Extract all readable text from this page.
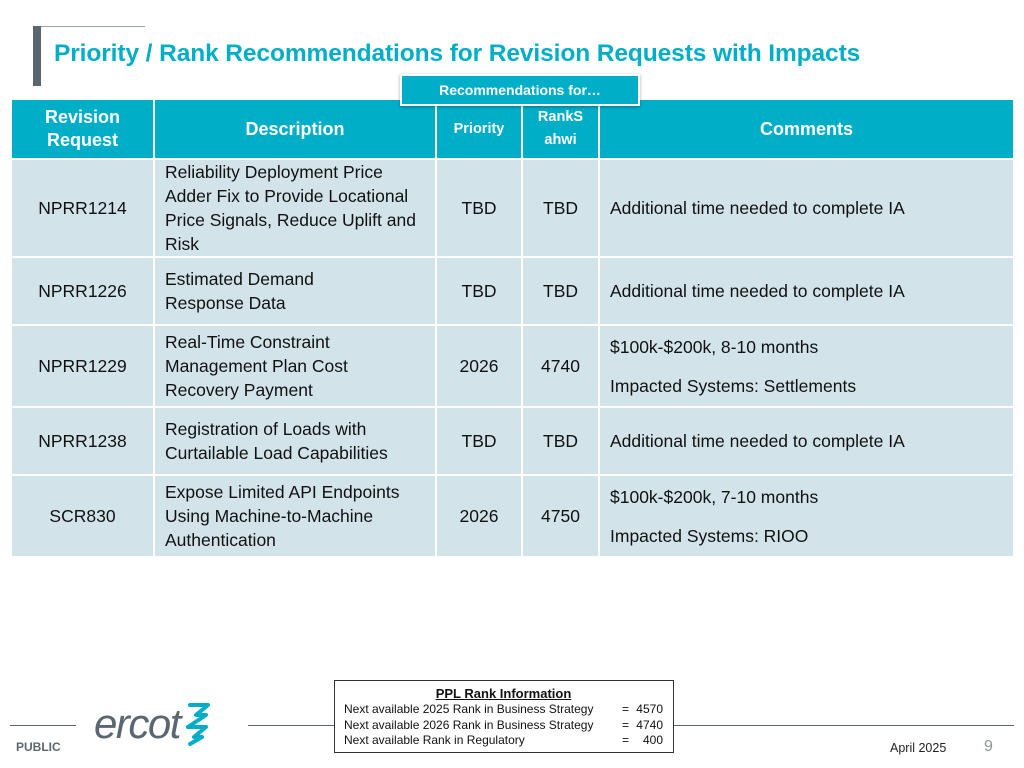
Priority / Rank Recommendations for Revision Requests with Impacts
Recommendations for…
Revision Request	Description	Priority	RankS ahwi	Comments
NPRR1214	Reliability Deployment Price Adder Fix to Provide Locational Price Signals, Reduce Uplift and Risk	TBD	TBD	Additional time needed to complete IA

NPRR1226	Estimated Demand Response Data	TBD	TBD	Additional time needed to complete IA

NPRR1229	Real-Time Constraint Management Plan Cost Recovery Payment	2026	4740	$100k-$200k, 8-10 months
Impacted Systems: Settlements

NPRR1238	Registration of Loads with Curtailable Load Capabilities	TBD	TBD	Additional time needed to complete IA

SCR830	Expose Limited API Endpoints Using Machine-to-Machine Authentication	2026	4750	$100k-$200k, 7-10 months
Impacted Systems: RIOO
ercot
PPL Rank Information
Next available 2025 Rank in Business Strategy	= 4570
Next available 2026 Rank in Business Strategy	= 4740
Next available Rank in Regulatory	=	400
PUBLIC	April 2025 9
